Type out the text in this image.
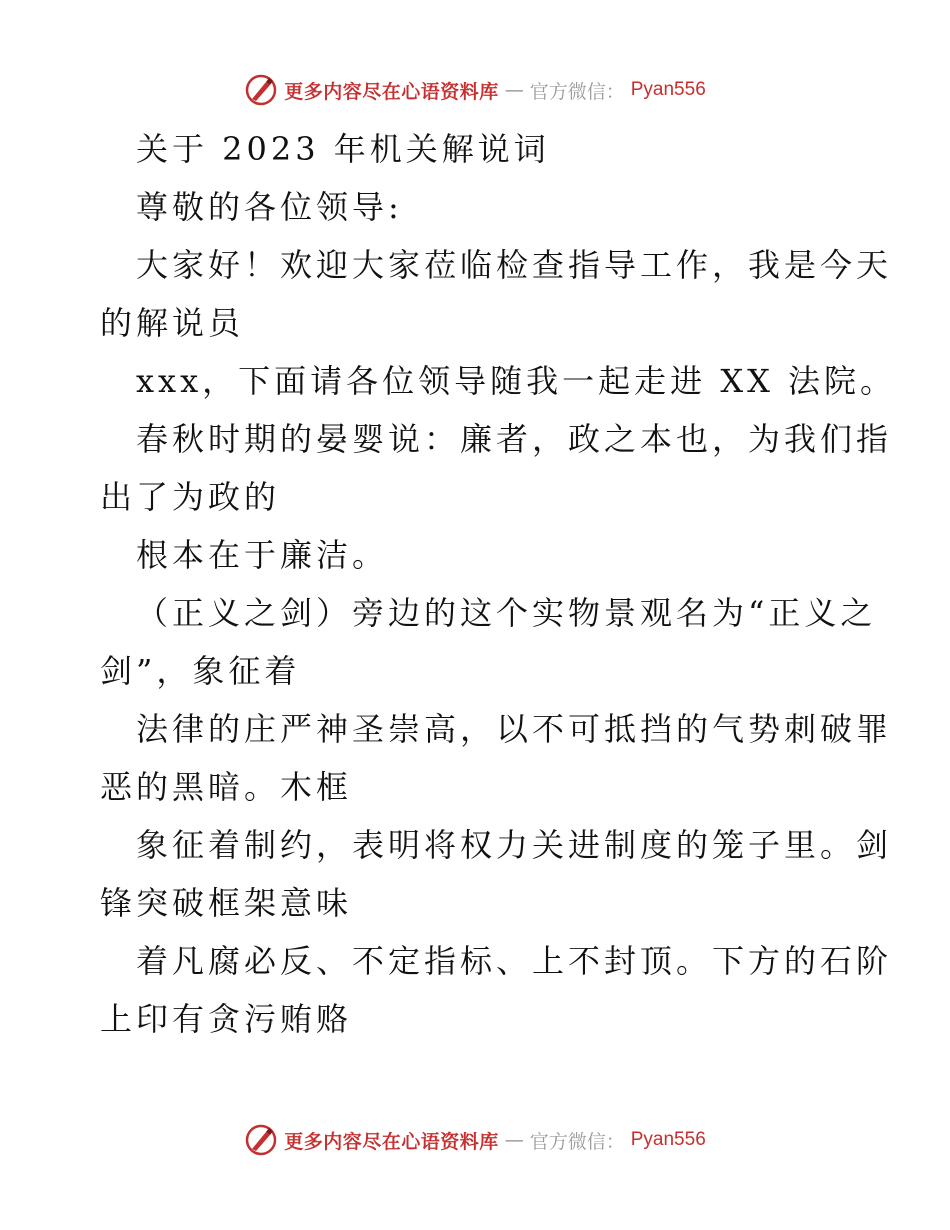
更多内容尽在心语资料库 — 官方微信： Pyan556
关于 2023 年机关解说词
尊敬的各位领导:
大家好！欢迎大家莅临检查指导工作，我是今天
的解说员
xxx，下面请各位领导随我一起走进 XX 法院。
春秋时期的晏婴说：廉者，政之本也，为我们指
出了为政的
根本在于廉洁。
（正义之剑）旁边的这个实物景观名为“正义之
剑”，象征着
法律的庄严神圣崇高，以不可抵挡的气势刺破罪
恶的黑暗。木框
象征着制约，表明将权力关进制度的笼子里。剑
锋突破框架意味
着凡腐必反、不定指标、上不封顶。下方的石阶
上印有贪污贿赂
更多内容尽在心语资料库 — 官方微信： Pyan556
